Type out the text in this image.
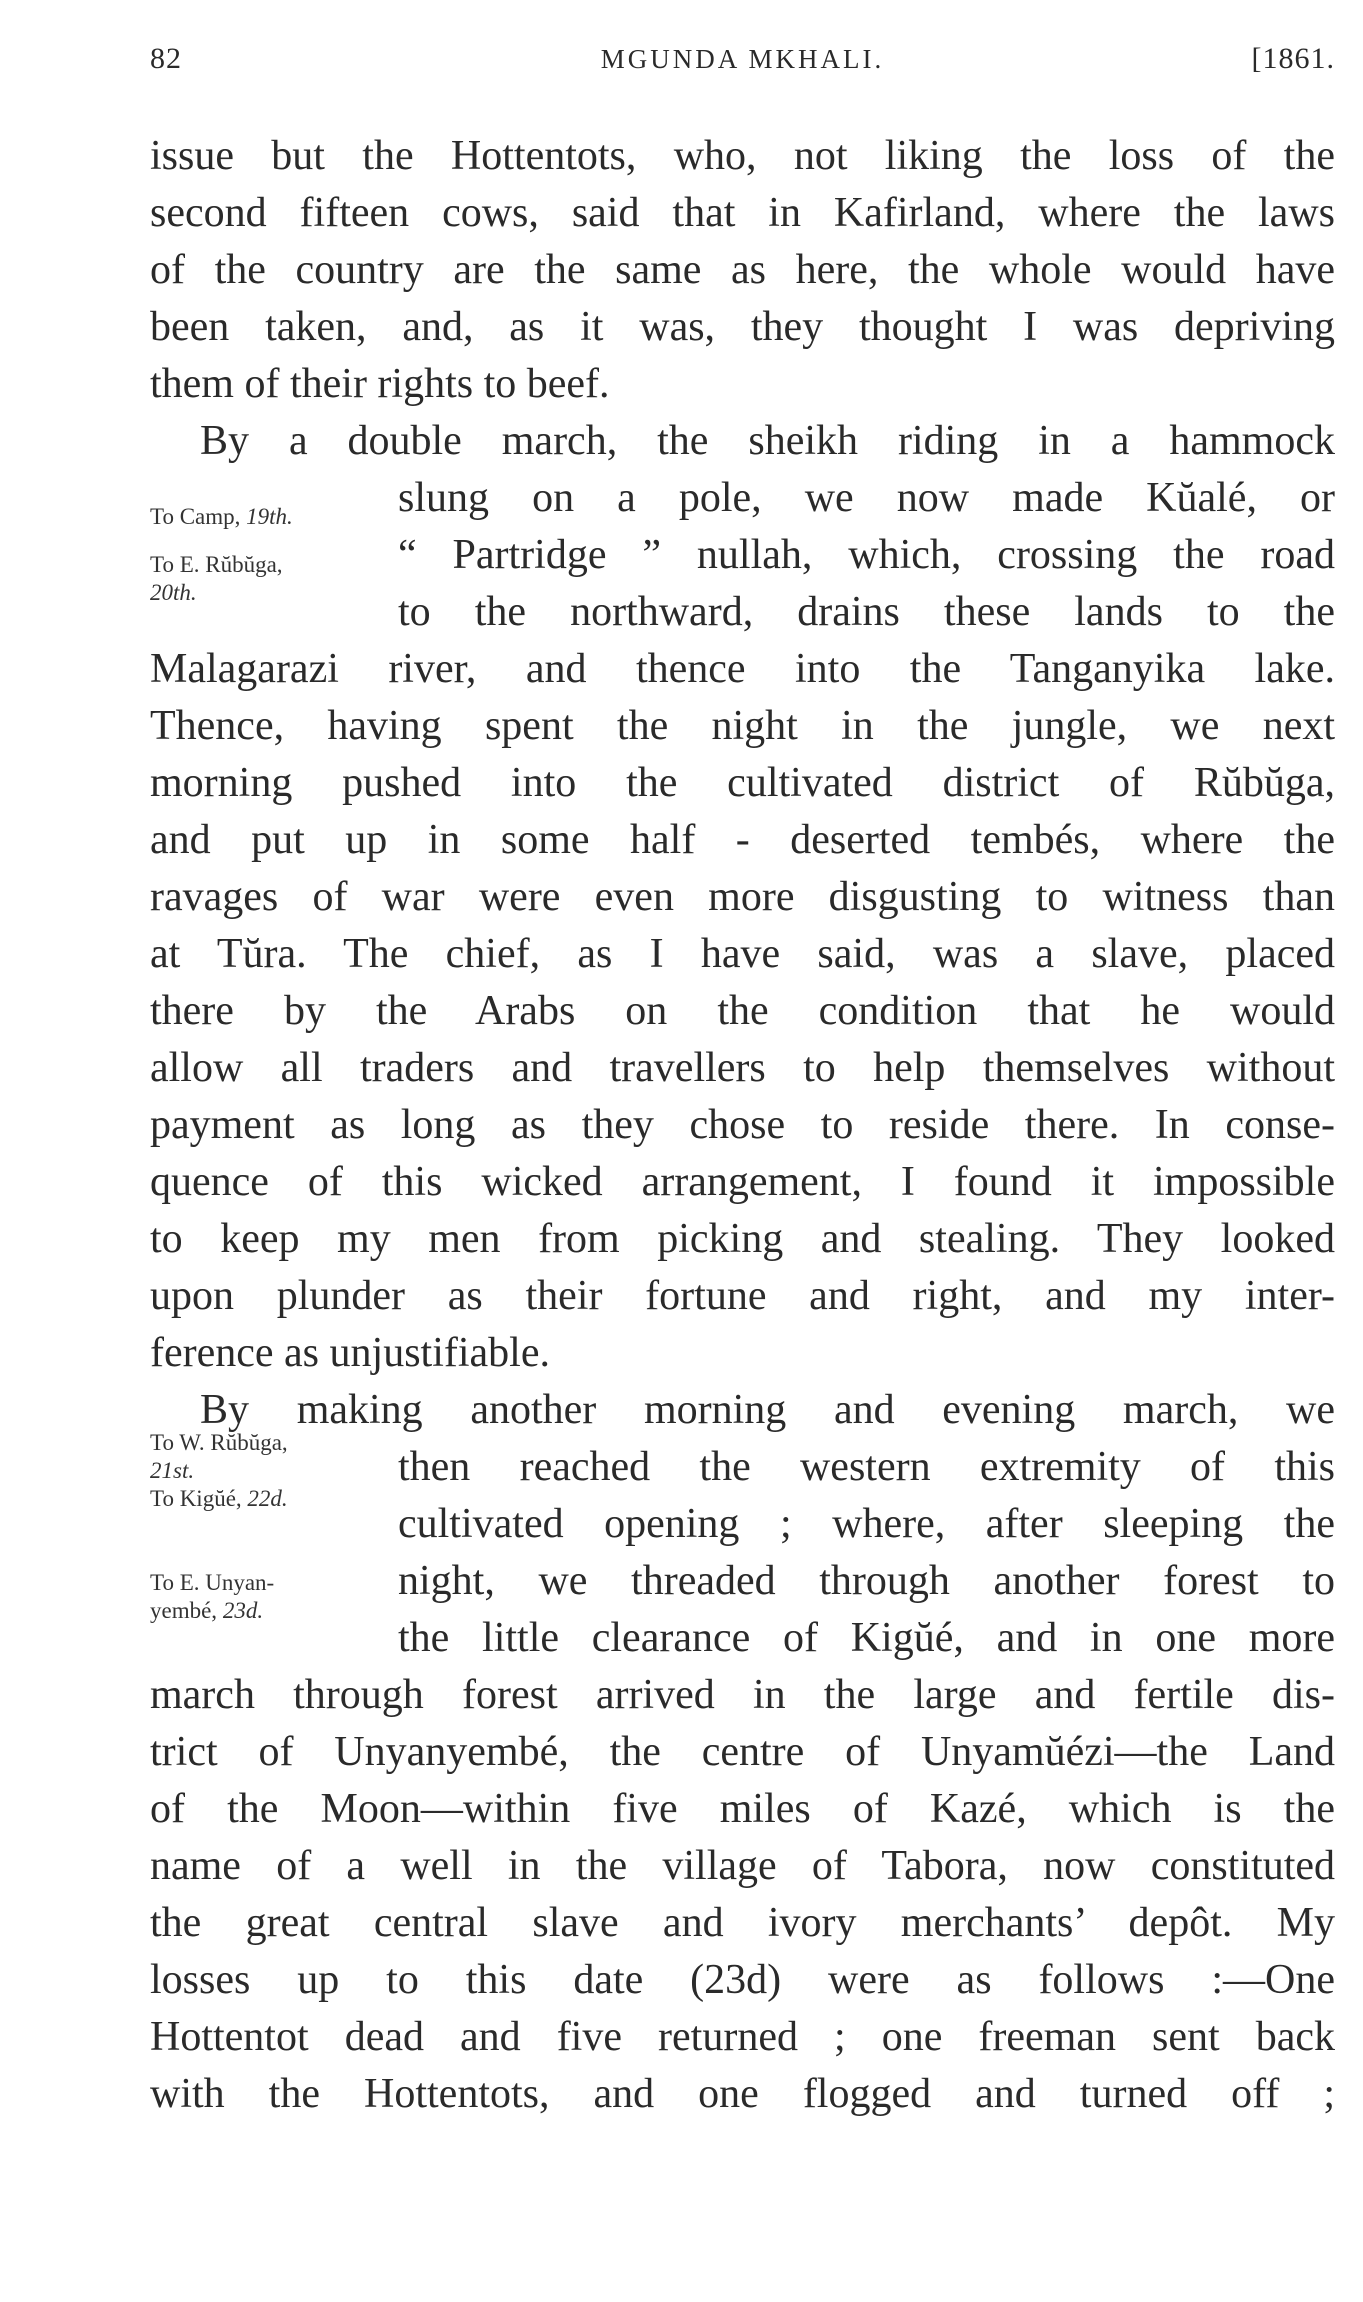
82	MGUNDA MKHALI.	[1861.
issue but the Hottentots, who, not liking the loss of the
second fifteen cows, said that in Kafirland, where the laws
of the country are the same as here, the whole would have
been taken, and, as it was, they thought I was depriving
them of their rights to beef.
By a double march, the sheikh riding in a hammock
slung on a pole, we now made Kŭalé, or
“ Partridge ” nullah, which, crossing the road
to the northward, drains these lands to the
Malagarazi river, and thence into the Tanganyika lake.
Thence, having spent the night in the jungle, we next
morning pushed into the cultivated district of Rŭbŭga,
and put up in some half - deserted tembés, where the
ravages of war were even more disgusting to witness than
at Tŭra. The chief, as I have said, was a slave, placed
there by the Arabs on the condition that he would
allow all traders and travellers to help themselves without
payment as long as they chose to reside there. In conse-
quence of this wicked arrangement, I found it impossible
to keep my men from picking and stealing. They looked
upon plunder as their fortune and right, and my inter-
ference as unjustifiable.
By making another morning and evening march, we
then reached the western extremity of this
cultivated opening ; where, after sleeping the
night, we threaded through another forest to
the little clearance of Kigŭé, and in one more
march through forest arrived in the large and fertile dis-
trict of Unyanyembé, the centre of Unyamŭézi—the Land
of the Moon—within five miles of Kazé, which is the
name of a well in the village of Tabora, now constituted
the great central slave and ivory merchants’ depôt. My
losses up to this date (23d) were as follows :—One
Hottentot dead and five returned ; one freeman sent back
with the Hottentots, and one flogged and turned off ;
To Camp, 19th.
To E. Rŭbŭga,
20th.
To W. Rŭbŭga,
21st.
To Kigŭé, 22d.
To E. Unyan-
yembé, 23d.
